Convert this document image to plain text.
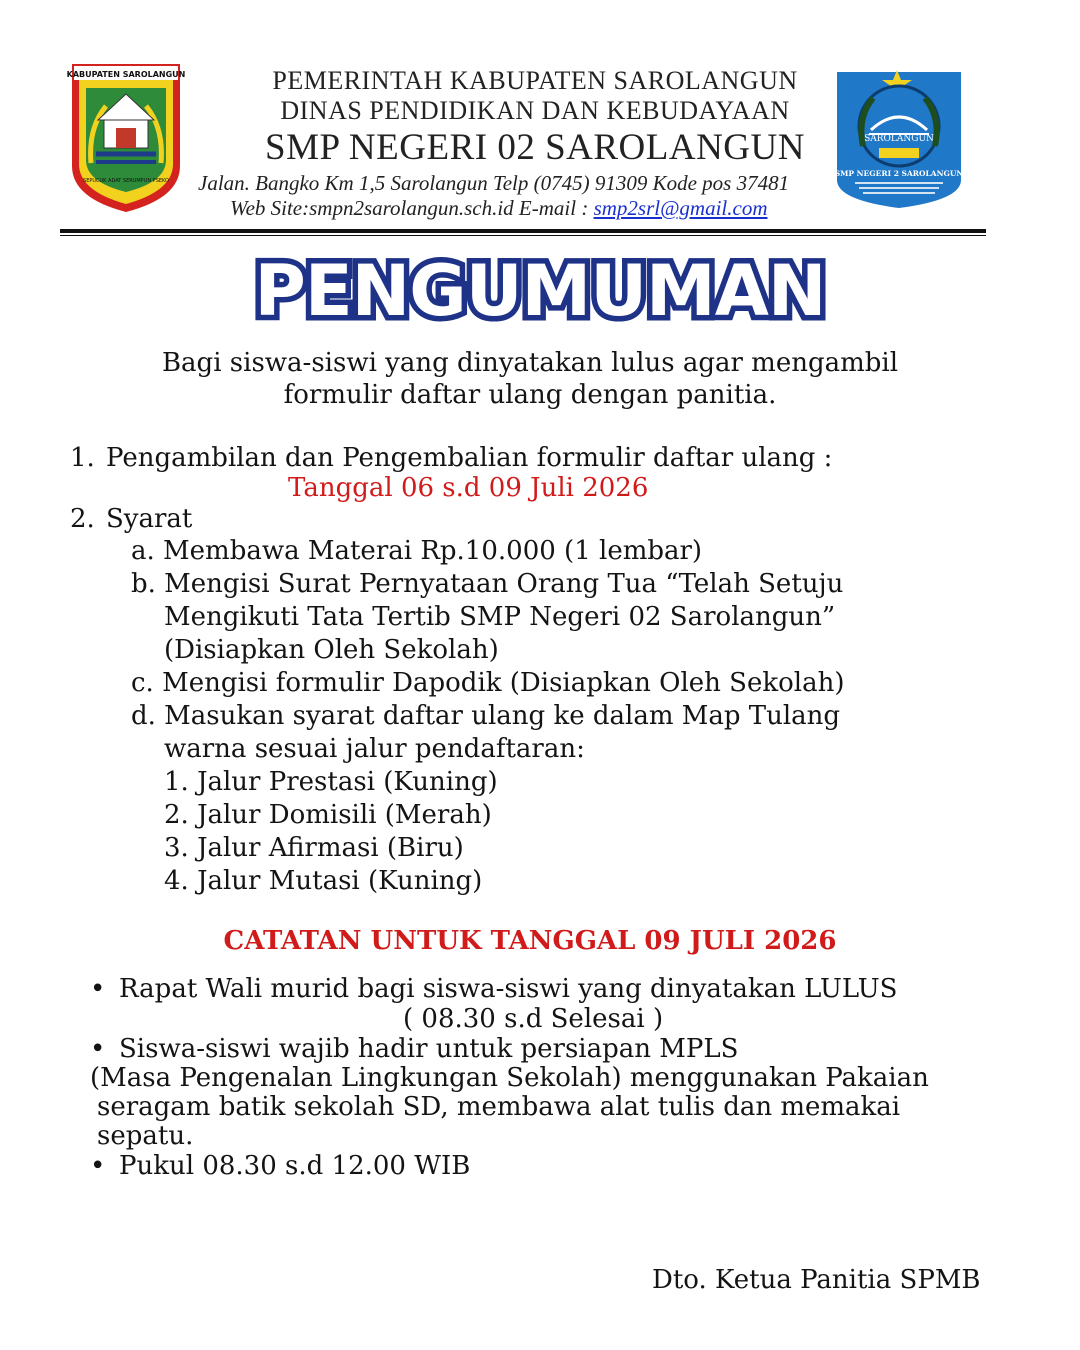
KABUPATEN SAROLANGUN
SEPUCUK ADAT SERUMPUN PSEKO
PEMERINTAH KABUPATEN SAROLANGUN
DINAS PENDIDIKAN DAN KEBUDAYAAN
SMP NEGERI 02 SAROLANGUN
Jalan. Bangko Km 1,5 Sarolangun Telp (0745) 91309 Kode pos 37481
Web Site:smpn2sarolangun.sch.id E-mail : smp2srl@gmail.com
SAROLANGUN
SMP NEGERI 2 SAROLANGUN
PENGUMUMAN
Bagi siswa-siswi yang dinyatakan lulus agar mengambil
formulir daftar ulang dengan panitia.
1. Pengambilan dan Pengembalian formulir daftar ulang :
Tanggal 06 s.d 09 Juli 2026
2. Syarat
a. Membawa Materai Rp.10.000 (1 lembar)
b. Mengisi Surat Pernyataan Orang Tua “Telah Setuju
Mengikuti Tata Tertib SMP Negeri 02 Sarolangun”
(Disiapkan Oleh Sekolah)
c. Mengisi formulir Dapodik (Disiapkan Oleh Sekolah)
d. Masukan syarat daftar ulang ke dalam Map Tulang
warna sesuai jalur pendaftaran:
1. Jalur Prestasi (Kuning)
2. Jalur Domisili (Merah)
3. Jalur Afirmasi (Biru)
4. Jalur Mutasi (Kuning)
CATATAN UNTUK TANGGAL 09 JULI 2026
• Rapat Wali murid bagi siswa-siswi yang dinyatakan LULUS
( 08.30 s.d Selesai )
• Siswa-siswi wajib hadir untuk persiapan MPLS
(Masa Pengenalan Lingkungan Sekolah) menggunakan Pakaian
seragam batik sekolah SD, membawa alat tulis dan memakai
sepatu.
• Pukul 08.30 s.d 12.00 WIB
Dto. Ketua Panitia SPMB
